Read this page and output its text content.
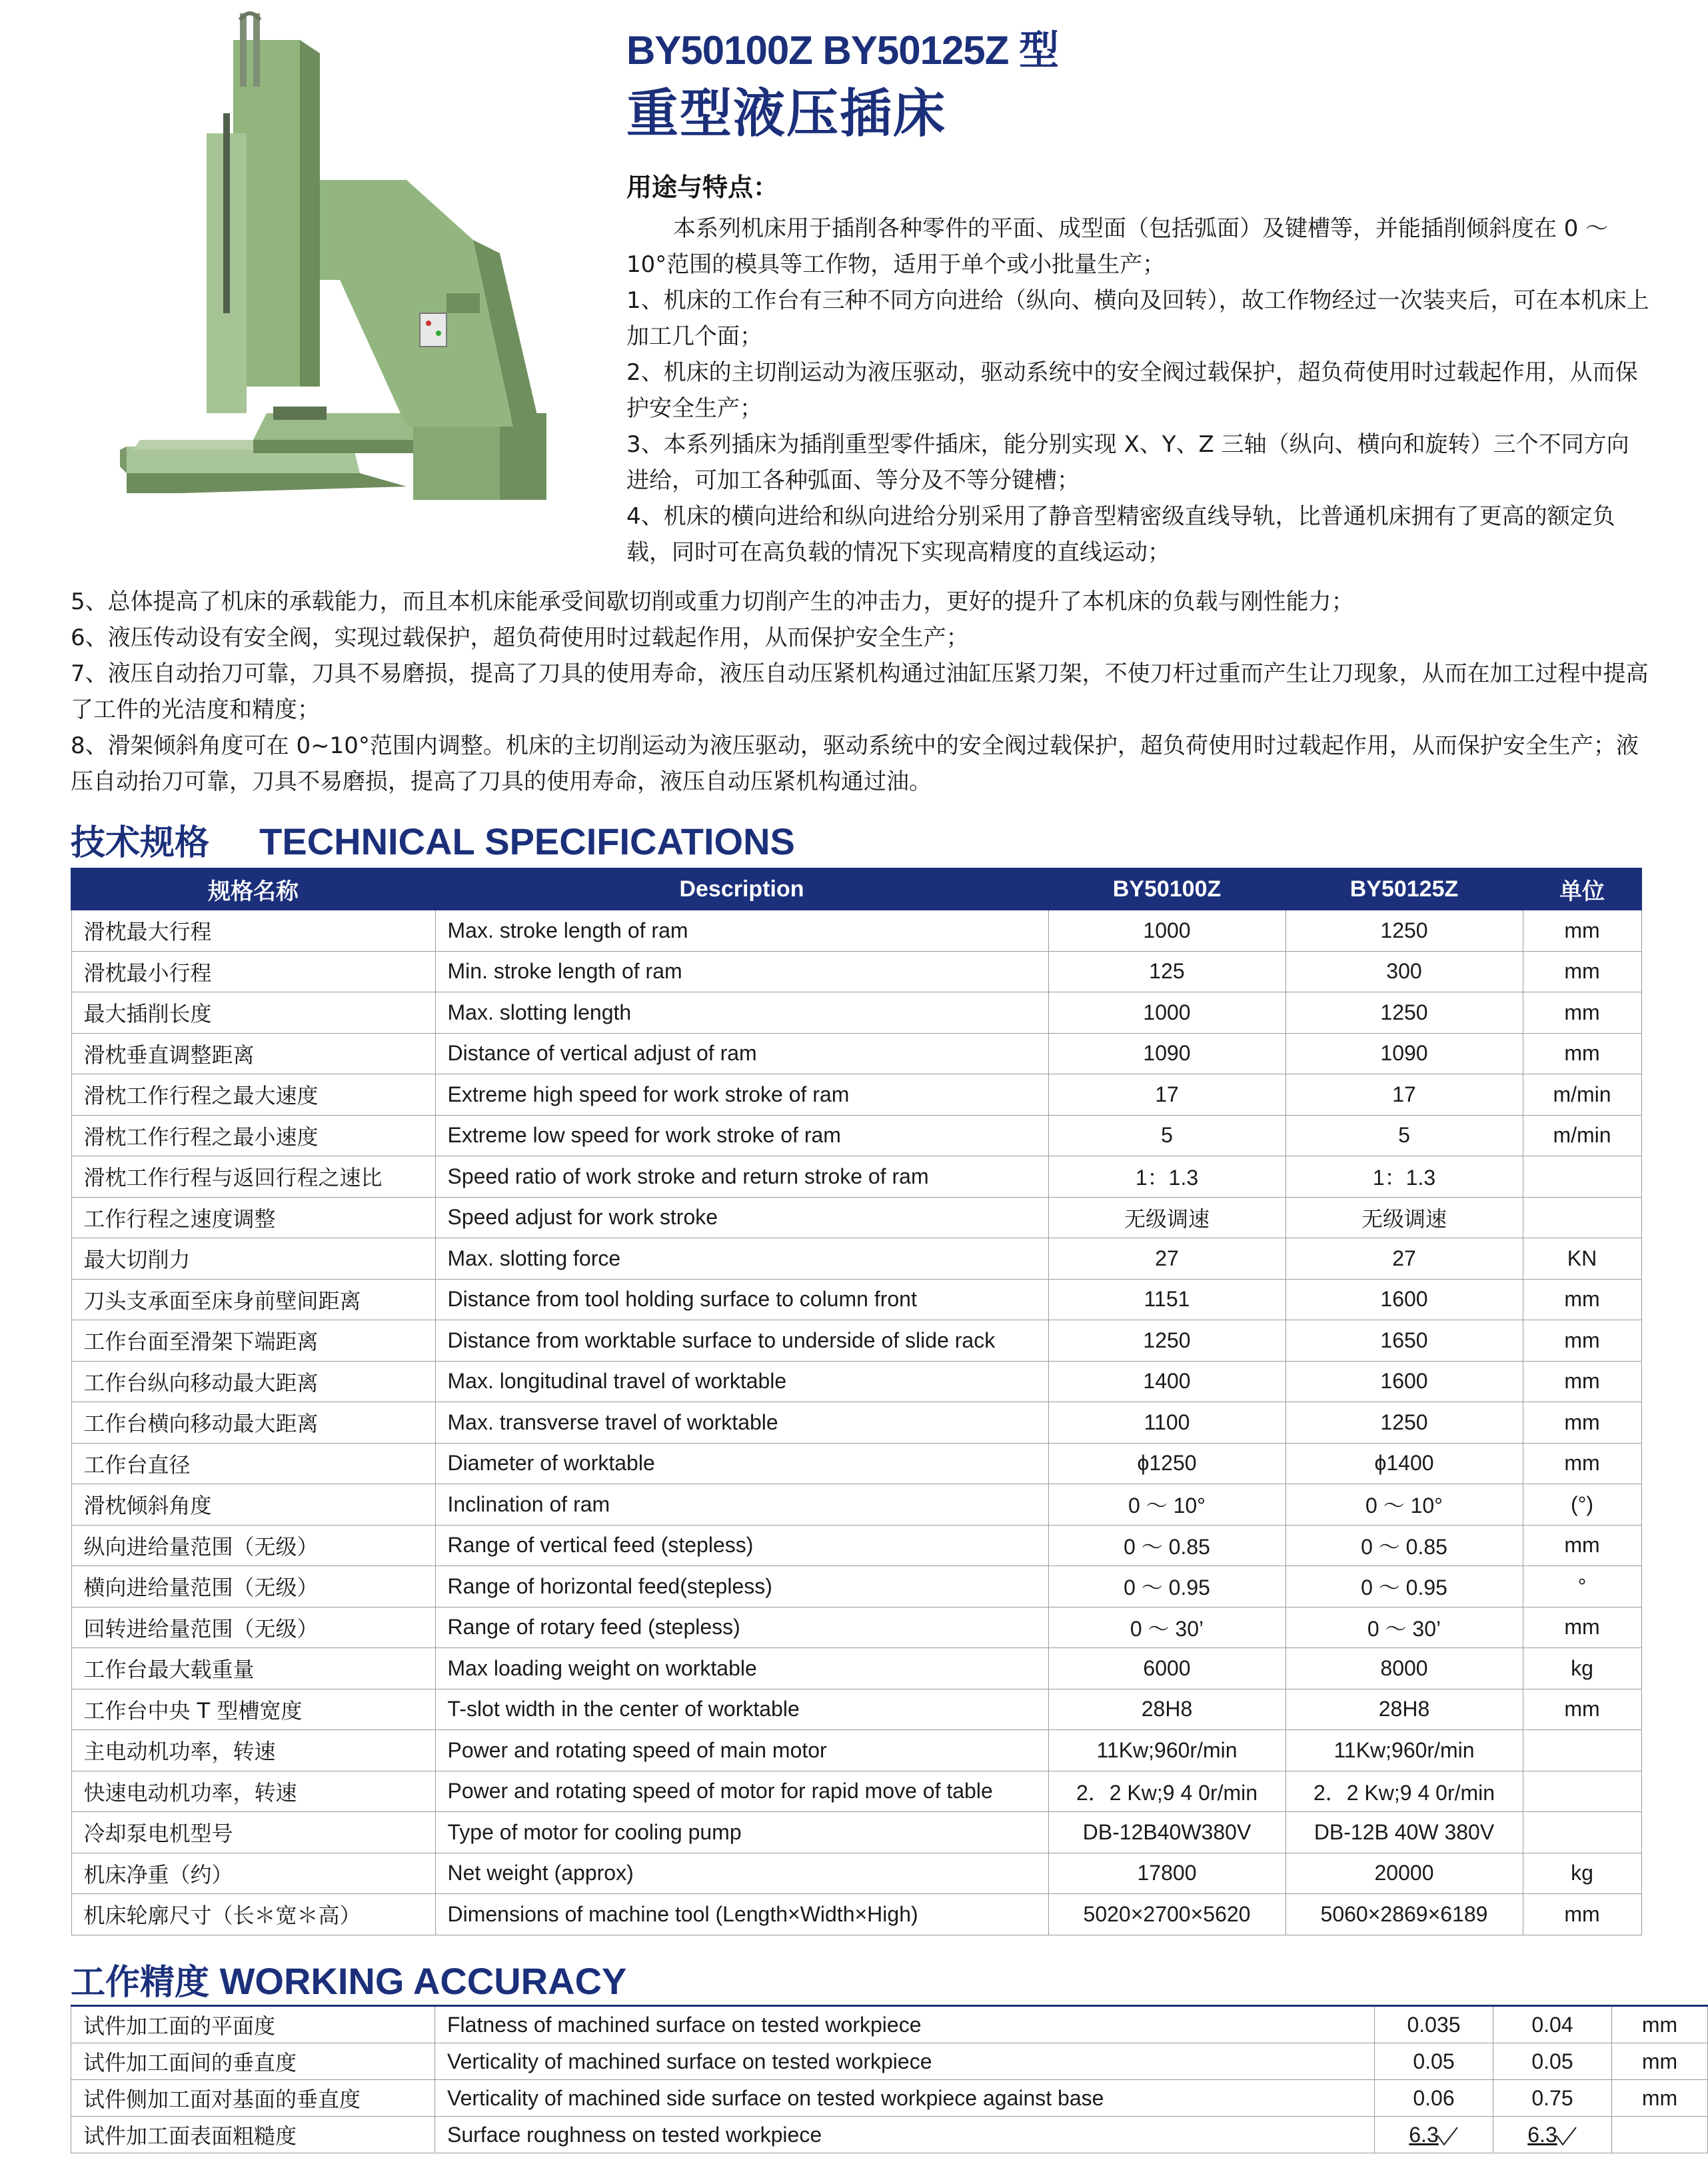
BY50100Z BY50125Z 型
重型液压插床
用途与特点：

本系列机床用于插削各种零件的平面、成型面（包括弧面）及键槽等，并能插削倾斜度在 0 ～ 10°范围的模具等工作物，适用于单个或小批量生产；

1、机床的工作台有三种不同方向进给（纵向、横向及回转），故工作物经过一次装夹后，可在本机床上加工几个面；

2、机床的主切削运动为液压驱动，驱动系统中的安全阀过载保护，超负荷使用时过载起作用，从而保护安全生产；

3、本系列插床为插削重型零件插床，能分别实现 X、Y、Z 三轴（纵向、横向和旋转）三个不同方向进给，可加工各种弧面、等分及不等分键槽；

4、机床的横向进给和纵向进给分别采用了静音型精密级直线导轨，比普通机床拥有了更高的额定负载，同时可在高负载的情况下实现高精度的直线运动；

5、总体提高了机床的承载能力，而且本机床能承受间歇切削或重力切削产生的冲击力，更好的提升了本机床的负载与刚性能力；

6、液压传动设有安全阀，实现过载保护，超负荷使用时过载起作用，从而保护安全生产；

7、液压自动抬刀可靠，刀具不易磨损，提高了刀具的使用寿命，液压自动压紧机构通过油缸压紧刀架，不使刀杆过重而产生让刀现象，从而在加工过程中提高了工件的光洁度和精度；

8、滑架倾斜角度可在 0~10°范围内调整。机床的主切削运动为液压驱动，驱动系统中的安全阀过载保护，超负荷使用时过载起作用，从而保护安全生产；液压自动抬刀可靠，刀具不易磨损，提高了刀具的使用寿命，液压自动压紧机构通过油。

技术规格 TECHNICAL SPECIFICATIONS
规格名称	Description	BY50100Z	BY50125Z	单位
滑枕最大行程	Max. stroke length of ram	1000	1250	mm
滑枕最小行程	Min. stroke length of ram	125	300	mm
最大插削长度	Max. slotting length	1000	1250	mm
滑枕垂直调整距离	Distance of vertical adjust of ram	1090	1090	mm
滑枕工作行程之最大速度	Extreme high speed for work stroke of ram	17	17	m/min
滑枕工作行程之最小速度	Extreme low speed for work stroke of ram	5	5	m/min
滑枕工作行程与返回行程之速比	Speed ratio of work stroke and return stroke of ram	1：1.3	1：1.3	
工作行程之速度调整	Speed adjust for work stroke	无级调速	无级调速	
最大切削力	Max. slotting force	27	27	KN
刀头支承面至床身前壁间距离	Distance from tool holding surface to column front	1151	1600	mm
工作台面至滑架下端距离	Distance from worktable surface to underside of slide rack	1250	1650	mm
工作台纵向移动最大距离	Max. longitudinal travel of worktable	1400	1600	mm
工作台横向移动最大距离	Max. transverse travel of worktable	1100	1250	mm
工作台直径	Diameter of worktable	ϕ1250	ϕ1400	mm
滑枕倾斜角度	Inclination of ram	0 ～ 10°	0 ～ 10°	(°)
纵向进给量范围（无级）	Range of vertical feed (stepless)	0 ～ 0.85	0 ～ 0.85	mm
横向进给量范围（无级）	Range of horizontal feed(stepless)	0 ～ 0.95	0 ～ 0.95	°
回转进给量范围（无级）	Range of rotary feed (stepless)	0 ～ 30’	0 ～ 30’	mm
工作台最大载重量	Max loading weight on worktable	6000	8000	kg
工作台中央 T 型槽宽度	T-slot width in the center of worktable	28H8	28H8	mm
主电动机功率，转速	Power and rotating speed of main motor	11Kw;960r/min	11Kw;960r/min	
快速电动机功率，转速	Power and rotating speed of motor for rapid move of table	2．2 Kw;9 4 0r/min	2．2 Kw;9 4 0r/min	
冷却泵电机型号	Type of motor for cooling pump	DB-12B40W380V	DB-12B 40W 380V	
机床净重（约）	Net weight (approx)	17800	20000	kg
机床轮廓尺寸（长＊宽＊高）	Dimensions of machine tool (Length×Width×High)	5020×2700×5620	5060×2869×6189	mm
工作精度 WORKING ACCURACY
试件加工面的平面度	Flatness of machined surface on tested workpiece	0.035	0.04	mm
试件加工面间的垂直度	Verticality of machined surface on tested workpiece	0.05	0.05	mm
试件侧加工面对基面的垂直度	Verticality of machined side surface on tested workpiece against base	0.06	0.75	mm
试件加工面表面粗糙度	Surface roughness on tested workpiece	6.3	6.3	
